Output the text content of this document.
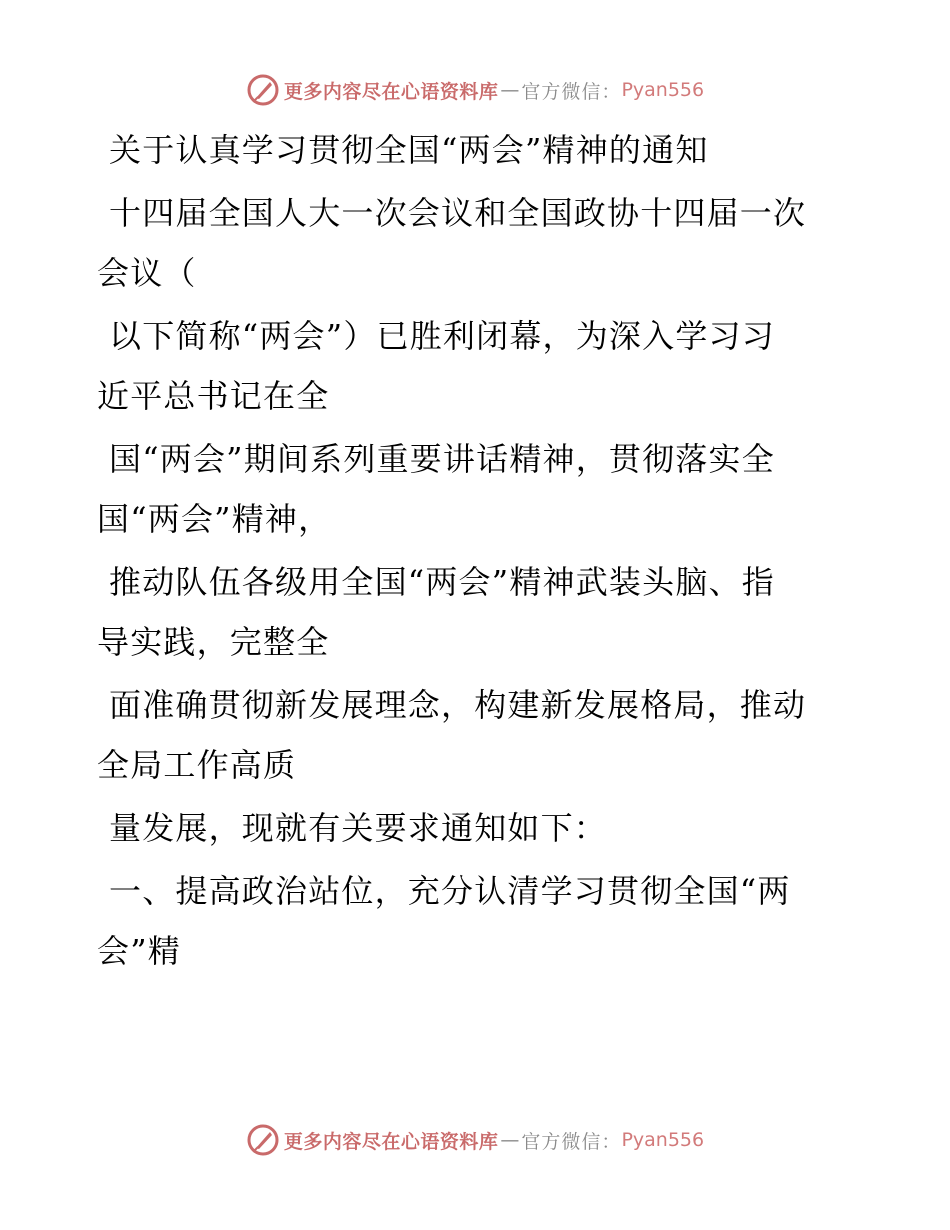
更多内容尽在心语资料库 — 官方微信： Pyan556

关于认真学习贯彻全国“两会”精神的通知

十四届全国人大一次会议和全国政协十四届一次
会议（

以下简称“两会”）已胜利闭幕，为深入学习习
近平总书记在全

国“两会”期间系列重要讲话精神，贯彻落实全
国“两会”精神，

推动队伍各级用全国“两会”精神武装头脑、指
导实践，完整全

面准确贯彻新发展理念，构建新发展格局，推动
全局工作高质

量发展，现就有关要求通知如下：

一、提高政治站位，充分认清学习贯彻全国“两
会”精

更多内容尽在心语资料库 — 官方微信： Pyan556
